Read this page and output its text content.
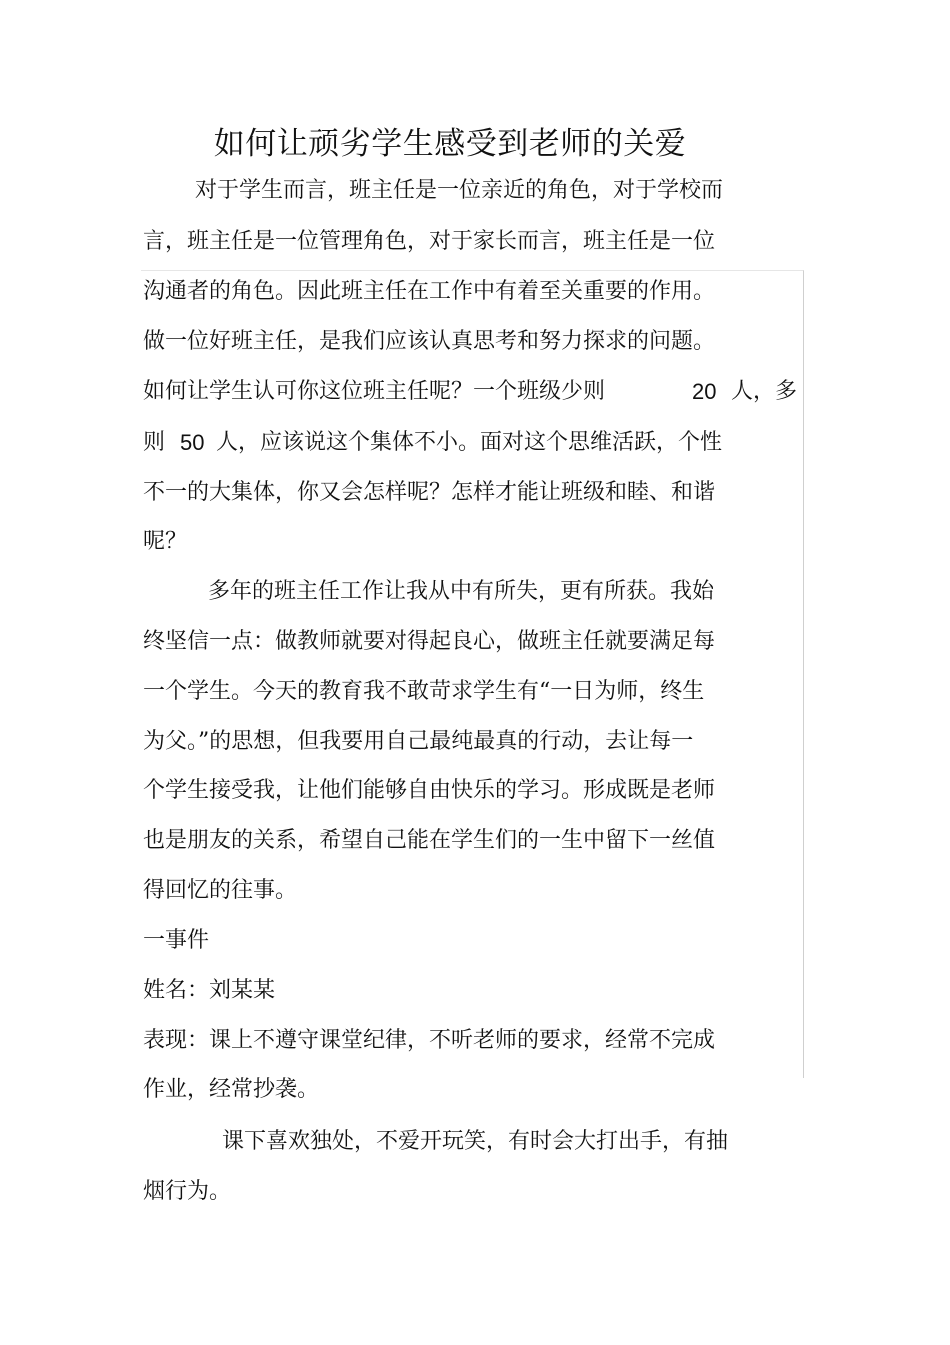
如何让顽劣学生感受到老师的关爱
对于学生而言，班主任是一位亲近的角色，对于学校而
言，班主任是一位管理角色，对于家长而言，班主任是一位
沟通者的角色。因此班主任在工作中有着至关重要的作用。
做一位好班主任，是我们应该认真思考和努力探求的问题。
如何让学生认可你这位班主任呢？一个班级少则	20 人，多
则 50 人，应该说这个集体不小。面对这个思维活跃，个性
不一的大集体，你又会怎样呢？怎样才能让班级和睦、和谐
呢？
多年的班主任工作让我从中有所失，更有所获。我始
终坚信一点：做教师就要对得起良心，做班主任就要满足每
一个学生。今天的教育我不敢苛求学生有“一日为师，终生
为父。”的思想，但我要用自己最纯最真的行动，去让每一
个学生接受我，让他们能够自由快乐的学习。形成既是老师
也是朋友的关系，希望自己能在学生们的一生中留下一丝值
得回忆的往事。
一事件
姓名：刘某某
表现：课上不遵守课堂纪律，不听老师的要求，经常不完成
作业，经常抄袭。
课下喜欢独处，不爱开玩笑，有时会大打出手，有抽
烟行为。
